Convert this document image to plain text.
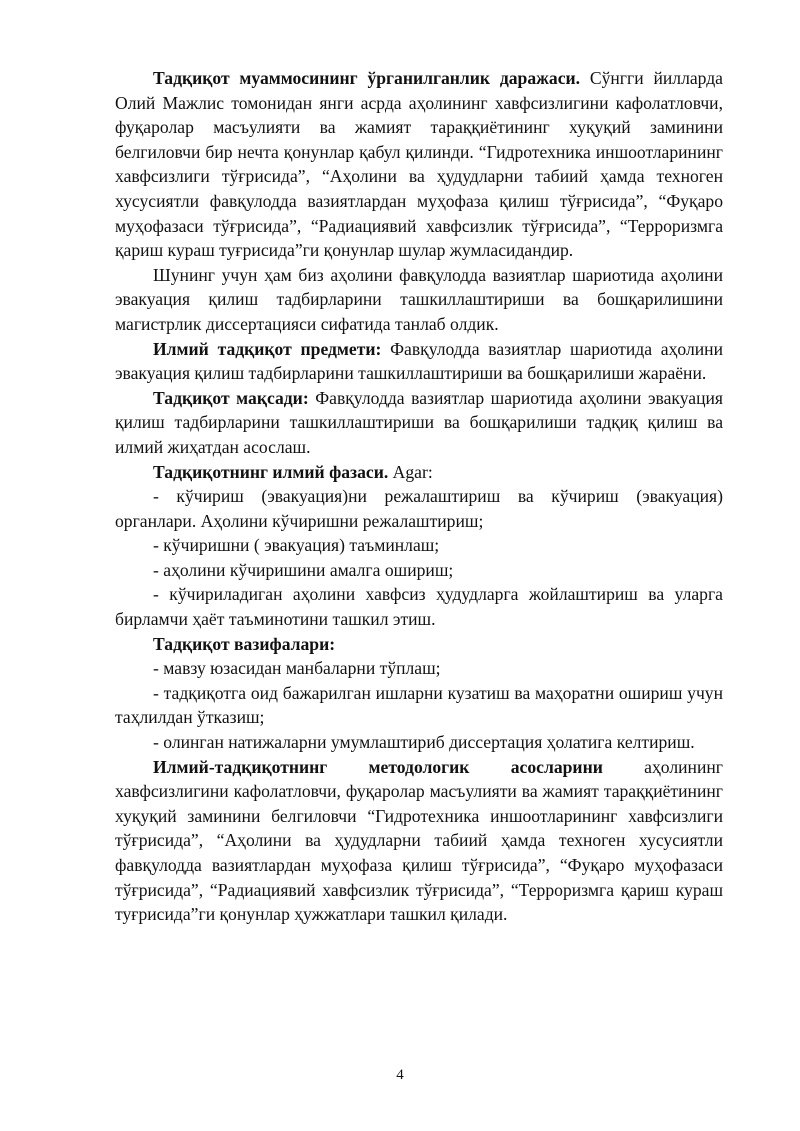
Тадқиқот муаммосининг ўрганилганлик даражаси. Сўнгги йилларда Олий Мажлис томонидан янги асрда аҳолининг хавфсизлигини кафолатловчи, фуқаролар масъулияти ва жамият тараққиётининг хуқуқий заминини белгиловчи бир нечта қонунлар қабул қилинди. “Гидротехника иншоотларининг хавфсизлиги тўғрисида”, “Аҳолини ва ҳудудларни табиий ҳамда техноген хусусиятли фавқулодда вазиятлардан муҳофаза қилиш тўғрисида”, “Фуқаро муҳофазаси тўғрисида”, “Радиациявий хавфсизлик тўғрисида”, “Терроризмга қариш кураш туғрисида”ги қонунлар шулар жумласидандир.

Шунинг учун ҳам биз аҳолини фавқулодда вазиятлар шариотида аҳолини эвакуация қилиш тадбирларини ташкиллаштириши ва бошқарилишини магистрлик диссертацияси сифатида танлаб олдик.

Илмий тадқиқот предмети: Фавқулодда вазиятлар шариотида аҳолини эвакуация қилиш тадбирларини ташкиллаштириши ва бошқарилиши жараёни.

Тадқиқот мақсади: Фавқулодда вазиятлар шариотида аҳолини эвакуация қилиш тадбирларини ташкиллаштириши ва бошқарилиши тадқиқ қилиш ва илмий жиҳатдан асослаш.

Тадқиқотнинг илмий фазаси. Agar:

- кўчириш (эвакуация)ни режалаштириш ва кўчириш (эвакуация) органлари. Аҳолини кўчиришни режалаштириш;

- кўчиришни ( эвакуация) таъминлаш;

- аҳолини кўчиришини амалга ошириш;

- кўчириладиган аҳолини хавфсиз ҳудудларга жойлаштириш ва уларга бирламчи ҳаёт таъминотини ташкил этиш.

Тадқиқот вазифалари:

- мавзу юзасидан манбаларни тўплаш;

- тадқиқотга оид бажарилган ишларни кузатиш ва маҳоратни ошириш учун таҳлилдан ўтказиш;

- олинган натижаларни умумлаштириб диссертация ҳолатига келтириш.

Илмий-тадқиқотнинг методологик асосларини аҳолининг хавфсизлигини кафолатловчи, фуқаролар масъулияти ва жамият тараққиётининг хуқуқий заминини белгиловчи “Гидротехника иншоотларининг хавфсизлиги тўғрисида”, “Аҳолини ва ҳудудларни табиий ҳамда техноген хусусиятли фавқулодда вазиятлардан муҳофаза қилиш тўғрисида”, “Фуқаро муҳофазаси тўғрисида”, “Радиациявий хавфсизлик тўғрисида”, “Терроризмга қариш кураш туғрисида”ги қонунлар ҳужжатлари ташкил қилади.

4
